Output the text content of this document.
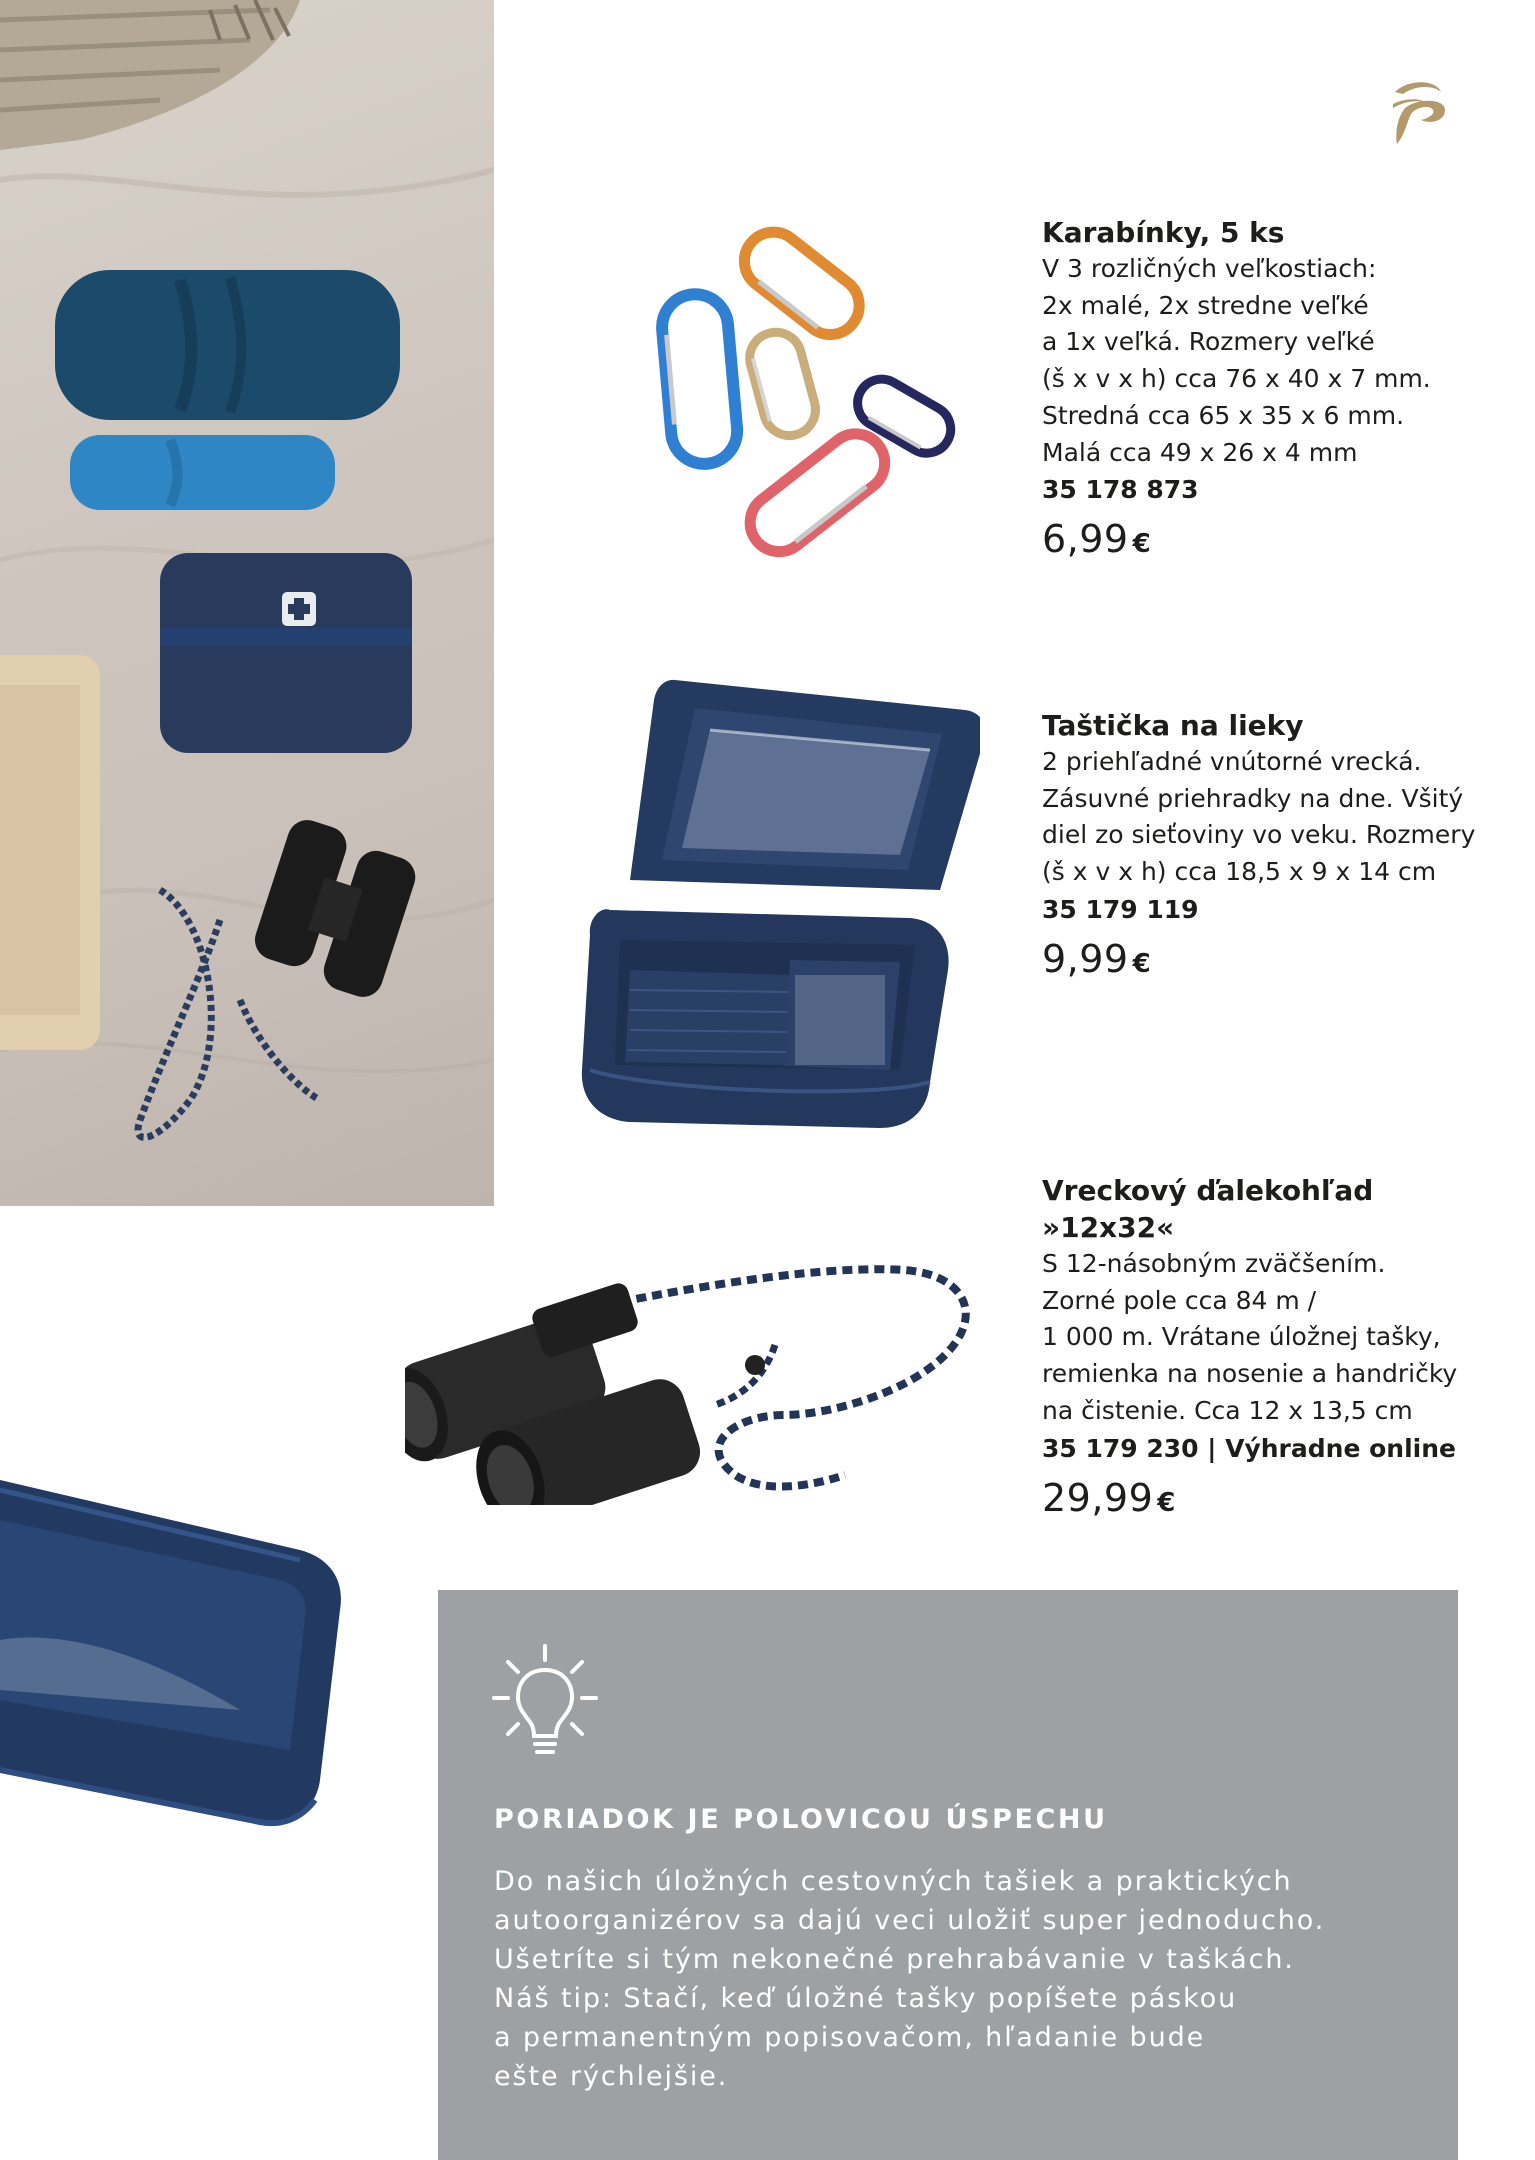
Karabínky, 5 ks
V 3 rozličných veľkostiach:
2x malé, 2x stredne veľké
a 1x veľká. Rozmery veľké
(š x v x h) cca 76 x 40 x 7 mm.
Stredná cca 65 x 35 x 6 mm.
Malá cca 49 x 26 x 4 mm
35 178 873
6,99 €
Taštička na lieky
2 priehľadné vnútorné vrecká.
Zásuvné priehradky na dne. Všitý
diel zo sieťoviny vo veku. Rozmery
(š x v x h) cca 18,5 x 9 x 14 cm
35 179 119
9,99 €
Vreckový ďalekohľad
»12x32«
S 12-násobným zväčšením.
Zorné pole cca 84 m /
1 000 m. Vrátane úložnej tašky,
remienka na nosenie a handričky
na čistenie. Cca 12 x 13,5 cm
35 179 230 | Výhradne online
29,99 €
PORIADOK JE POLOVICOU ÚSPECHU
Do našich úložných cestovných tašiek a praktických
autoorganizérov sa dajú veci uložiť super jednoducho.
Ušetríte si tým nekonečné prehrabávanie v taškách.
Náš tip: Stačí, keď úložné tašky popíšete páskou
a permanentným popisovačom, hľadanie bude
ešte rýchlejšie.
